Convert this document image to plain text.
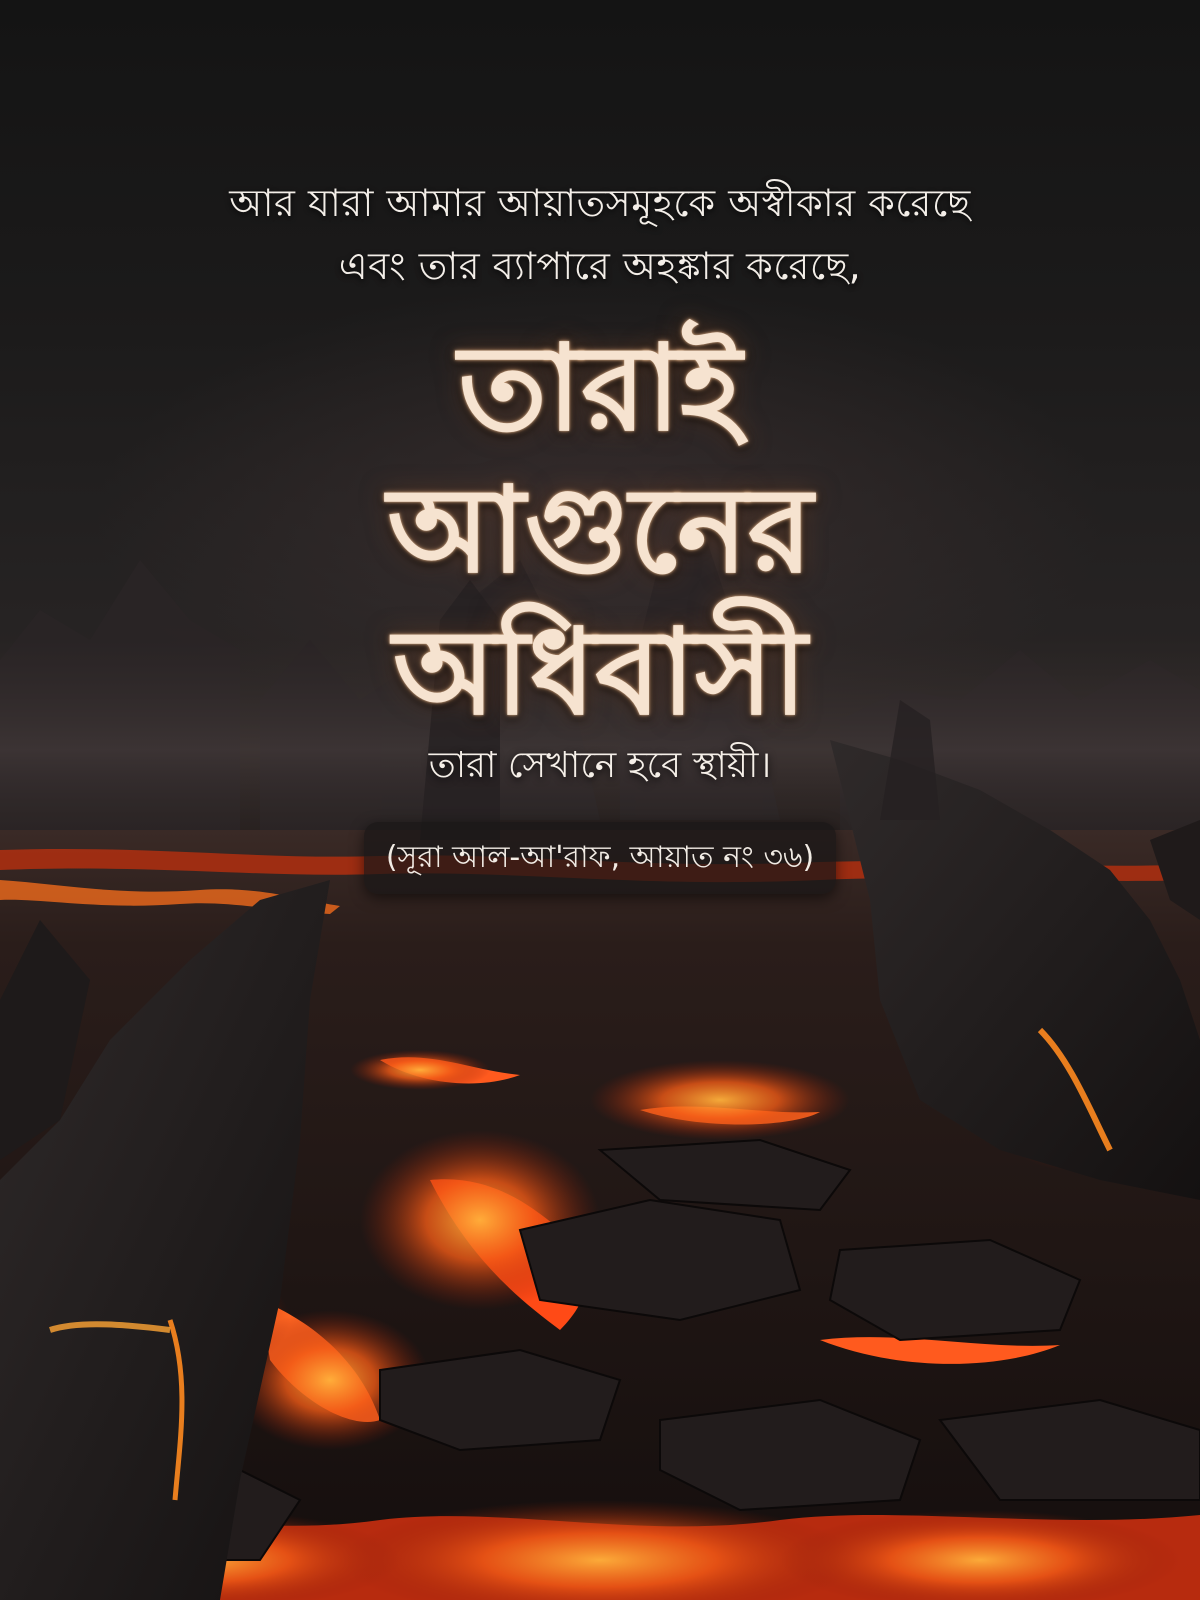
আর যারা আমার আয়াতসমূহকে অস্বীকার করেছে
এবং তার ব্যাপারে অহঙ্কার করেছে,
তারাই
আগুনের
অধিবাসী
তারা সেখানে হবে স্থায়ী।
(সূরা আল-আ'রাফ, আয়াত নং ৩৬)
